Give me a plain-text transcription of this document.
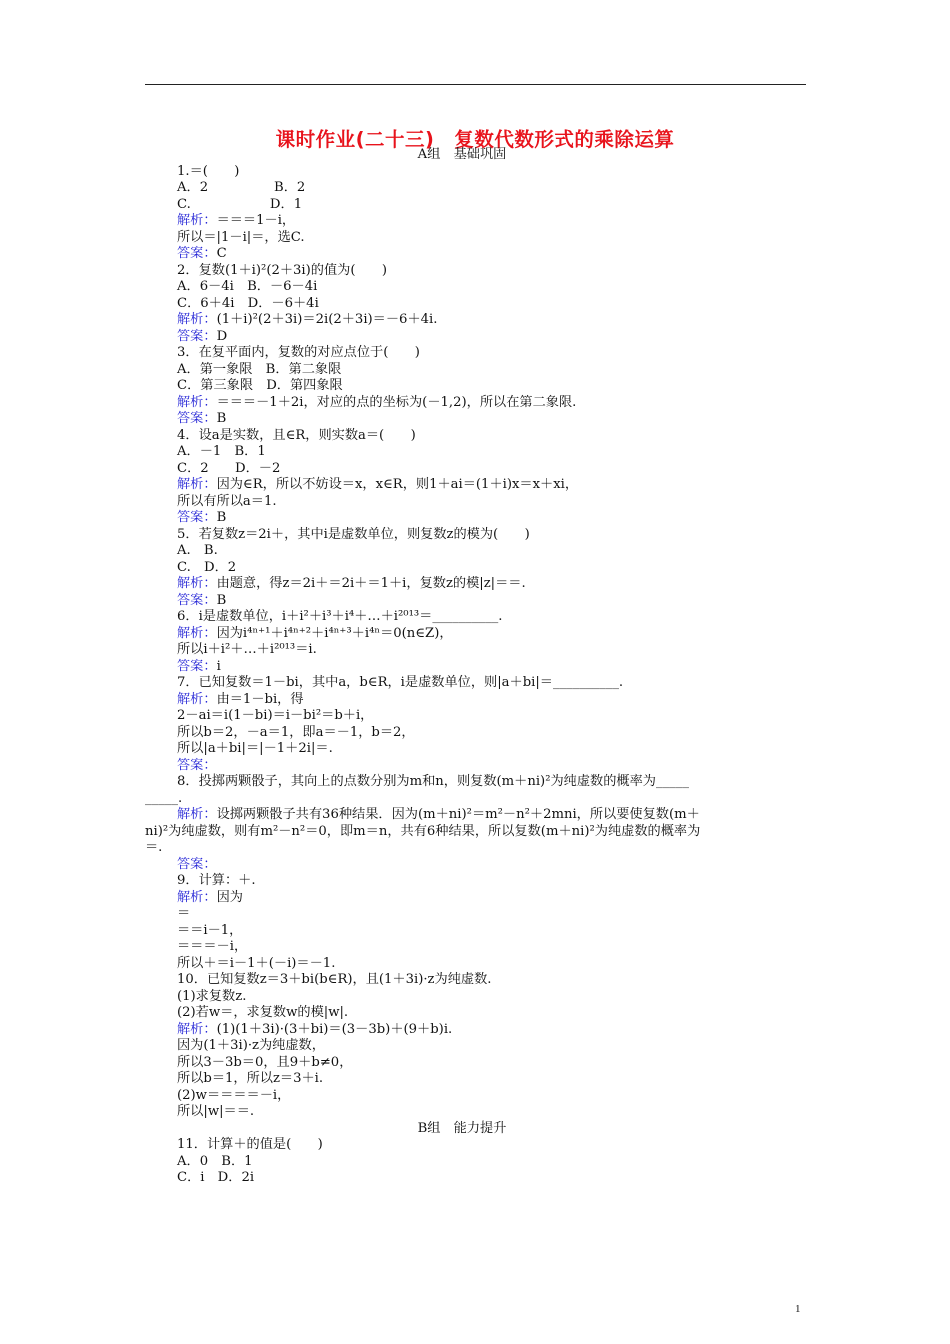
课时作业(二十三)　复数代数形式的乘除运算
A组　基础巩固
1.＝(　　)
A．2　　　　　B．2
C.　　　　　　D．1
解析：＝＝＝1－i，
所以＝|1－i|＝，选C.
答案：C
2．复数(1＋i)²(2＋3i)的值为(　　)
A．6－4i　B．－6－4i
C．6＋4i　D．－6＋4i
解析：(1＋i)²(2＋3i)＝2i(2＋3i)＝－6＋4i.
答案：D
3．在复平面内，复数的对应点位于(　　)
A．第一象限　B．第二象限
C．第三象限　D．第四象限
解析：＝＝＝－1＋2i，对应的点的坐标为(－1,2)，所以在第二象限.
答案：B
4．设a是实数，且∈R，则实数a＝(　　)
A．－1　B．1
C．2　　D．－2
解析：因为∈R，所以不妨设＝x，x∈R，则1＋ai＝(1＋i)x＝x＋xi，
所以有所以a＝1.
答案：B
5．若复数z＝2i＋，其中i是虚数单位，则复数z的模为(　　)
A.　B.
C.　D．2
解析：由题意，得z＝2i＋＝2i＋＝1＋i，复数z的模|z|＝＝.
答案：B
6．i是虚数单位，i＋i²＋i³＋i⁴＋…＋i²⁰¹³＝__________.
解析：因为i⁴ⁿ⁺¹＋i⁴ⁿ⁺²＋i⁴ⁿ⁺³＋i⁴ⁿ＝0(n∈Z)，
所以i＋i²＋…＋i²⁰¹³＝i.
答案：i
7．已知复数＝1－bi，其中a，b∈R，i是虚数单位，则|a＋bi|＝__________.
解析：由＝1－bi，得
2－ai＝i(1－bi)＝i－bi²＝b＋i，
所以b＝2，－a＝1，即a＝－1，b＝2，
所以|a＋bi|＝|－1＋2i|＝.
答案：
8．投掷两颗骰子，其向上的点数分别为m和n，则复数(m＋ni)²为纯虚数的概率为_____
_____.
解析：设掷两颗骰子共有36种结果．因为(m＋ni)²＝m²－n²＋2mni，所以要使复数(m＋
ni)²为纯虚数，则有m²－n²＝0，即m＝n，共有6种结果，所以复数(m＋ni)²为纯虚数的概率为
＝.
答案：
9．计算：＋.
解析：因为
＝
＝＝i－1，
＝＝＝－i，
所以＋＝i－1＋(－i)＝－1.
10．已知复数z＝3＋bi(b∈R)，且(1＋3i)·z为纯虚数.
(1)求复数z.
(2)若w＝，求复数w的模|w|.
解析：(1)(1＋3i)·(3＋bi)＝(3－3b)＋(9＋b)i.
因为(1＋3i)·z为纯虚数，
所以3－3b＝0，且9＋b≠0，
所以b＝1，所以z＝3＋i.
(2)w＝＝＝＝－i，
所以|w|＝＝.
B组　能力提升
11．计算＋的值是(　　)
A．0　B．1
C．i　D．2i
1
